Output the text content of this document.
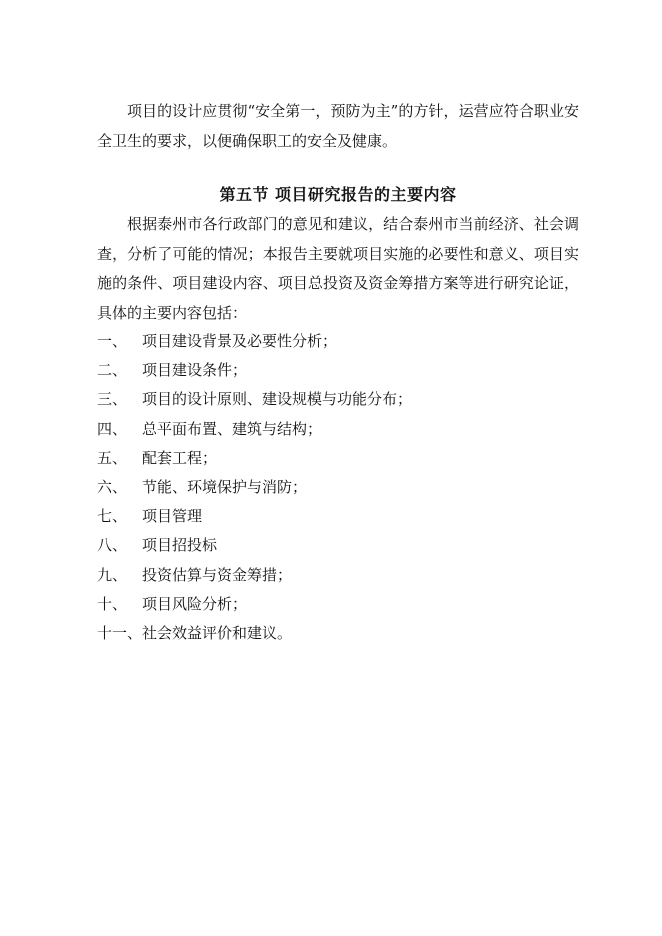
项目的设计应贯彻“安全第一，预防为主”的方针，运营应符合职业安全卫生的要求，以便确保职工的安全及健康。

第五节 项目研究报告的主要内容

根据泰州市各行政部门的意见和建议，结合泰州市当前经济、社会调查，分析了可能的情况；本报告主要就项目实施的必要性和意义、项目实施的条件、项目建设内容、项目总投资及资金筹措方案等进行研究论证，具体的主要内容包括：

一、 项目建设背景及必要性分析；
二、 项目建设条件；
三、 项目的设计原则、建设规模与功能分布；
四、 总平面布置、建筑与结构；
五、 配套工程；
六、 节能、环境保护与消防；
七、 项目管理
八、 项目招投标
九、 投资估算与资金筹措；
十、 项目风险分析；
十一、 社会效益评价和建议。
